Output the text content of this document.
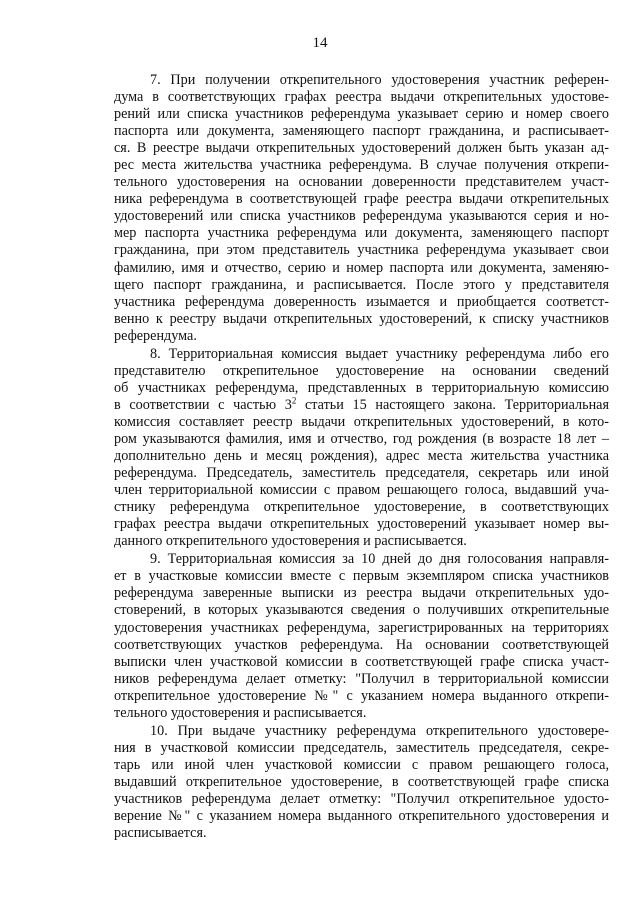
14
7. При получении открепительного удостоверения участник референ-
дума в соответствующих графах реестра выдачи открепительных удостове-
рений или списка участников референдума указывает серию и номер своего
паспорта или документа, заменяющего паспорт гражданина, и расписывает-
ся. В реестре выдачи открепительных удостоверений должен быть указан ад-
рес места жительства участника референдума. В случае получения открепи-
тельного удостоверения на основании доверенности представителем участ-
ника референдума в соответствующей графе реестра выдачи открепительных
удостоверений или списка участников референдума указываются серия и но-
мер паспорта участника референдума или документа, заменяющего паспорт
гражданина, при этом представитель участника референдума указывает свои
фамилию, имя и отчество, серию и номер паспорта или документа, заменяю-
щего паспорт гражданина, и расписывается. После этого у представителя
участника референдума доверенность изымается и приобщается соответст-
венно к реестру выдачи открепительных удостоверений, к списку участников
референдума.
8. Территориальная комиссия выдает участнику референдума либо его
представителю открепительное удостоверение на основании сведений
об участниках референдума, представленных в территориальную комиссию
в соответствии с частью $3^2$ статьи 15 настоящего закона. Территориальная
комиссия составляет реестр выдачи открепительных удостоверений, в кото-
ром указываются фамилия, имя и отчество, год рождения (в возрасте 18 лет –
дополнительно день и месяц рождения), адрес места жительства участника
референдума. Председатель, заместитель председателя, секретарь или иной
член территориальной комиссии с правом решающего голоса, выдавший уча-
стнику референдума открепительное удостоверение, в соответствующих
графах реестра выдачи открепительных удостоверений указывает номер вы-
данного открепительного удостоверения и расписывается.
9. Территориальная комиссия за 10 дней до дня голосования направля-
ет в участковые комиссии вместе с первым экземпляром списка участников
референдума заверенные выписки из реестра выдачи открепительных удо-
стоверений, в которых указываются сведения о получивших открепительные
удостоверения участниках референдума, зарегистрированных на территориях
соответствующих участков референдума. На основании соответствующей
выписки член участковой комиссии в соответствующей графе списка участ-
ников референдума делает отметку: "Получил в территориальной комиссии
открепительное удостоверение №" с указанием номера выданного открепи-
тельного удостоверения и расписывается.
10. При выдаче участнику референдума открепительного удостовере-
ния в участковой комиссии председатель, заместитель председателя, секре-
тарь или иной член участковой комиссии с правом решающего голоса,
выдавший открепительное удостоверение, в соответствующей графе списка
участников референдума делает отметку: "Получил открепительное удосто-
верение №" с указанием номера выданного открепительного удостоверения и
расписывается.
